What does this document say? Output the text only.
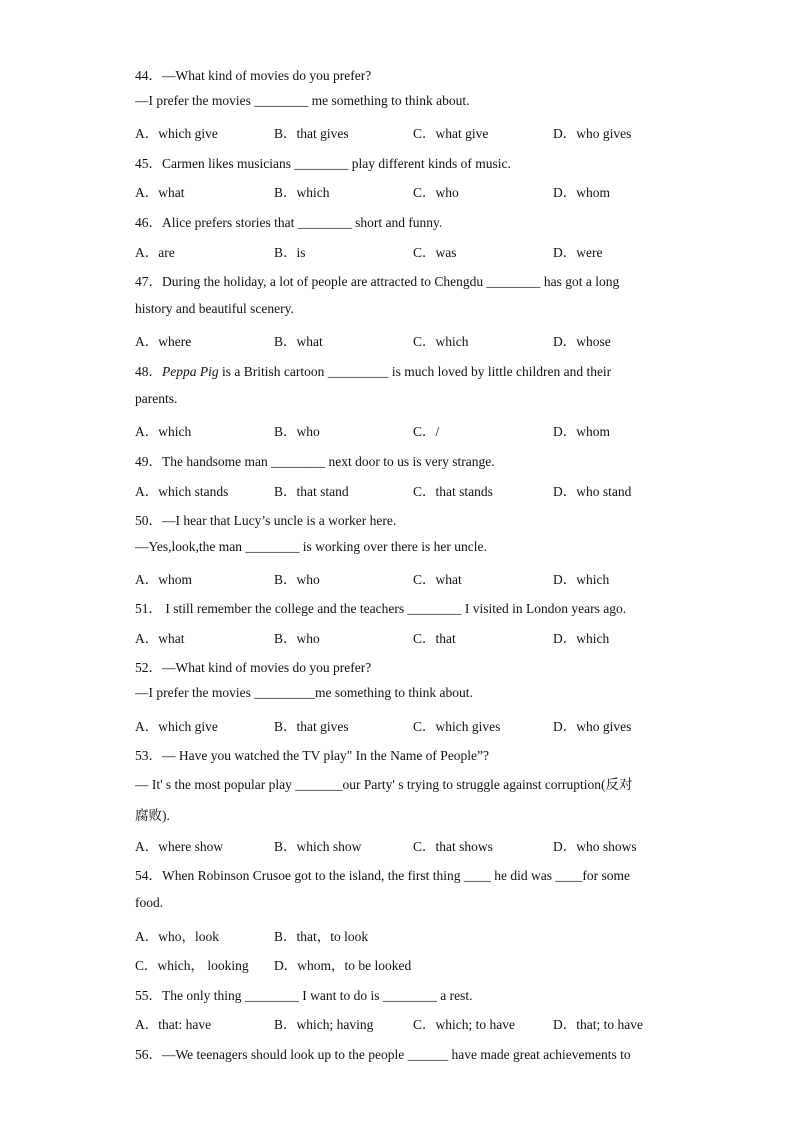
44．—What kind of movies do you prefer?
—I prefer the movies ________ me something to think about.
A．which give	B．that gives	C．what give	D．who gives
45．Carmen likes musicians ________ play different kinds of music.
A．what	B．which	C．who	D．whom
46．Alice prefers stories that ________ short and funny.
A．are	B．is	C．was	D．were
47．During the holiday, a lot of people are attracted to Chengdu ________ has got a long
history and beautiful scenery.
A．where	B．what	C．which	D．whose
48．Peppa Pig is a British cartoon _________ is much loved by little children and their
parents.
A．which	B．who	C．/	D．whom
49．The handsome man ________ next door to us is very strange.
A．which stands	B．that stand	C．that stands	D．who stand
50．—I hear that Lucy’s uncle is a worker here.
—Yes,look,the man ________ is working over there is her uncle.
A．whom	B．who	C．what	D．which
51． I still remember the college and the teachers ________ I visited in London years ago.
A．what	B．who	C．that	D．which
52．—What kind of movies do you prefer?
—I prefer the movies _________me something to think about.
A．which give	B．that gives	C．which gives	D．who gives
53．— Have you watched the TV play" In the Name of People”?
— It' s the most popular play _______our Party' s trying to struggle against corruption(反对
腐败).
A．where show	B．which show	C．that shows	D．who shows
54．When Robinson Crusoe got to the island, the first thing ____ he did was ____for some
food.
A．who，look	B．that，to look
C．which， looking D．whom，to be looked
55．The only thing ________ I want to do is ________ a rest.
A．that: have	B．which; having	C．which; to have	D．that; to have
56．—We teenagers should look up to the people ______ have made great achievements to
